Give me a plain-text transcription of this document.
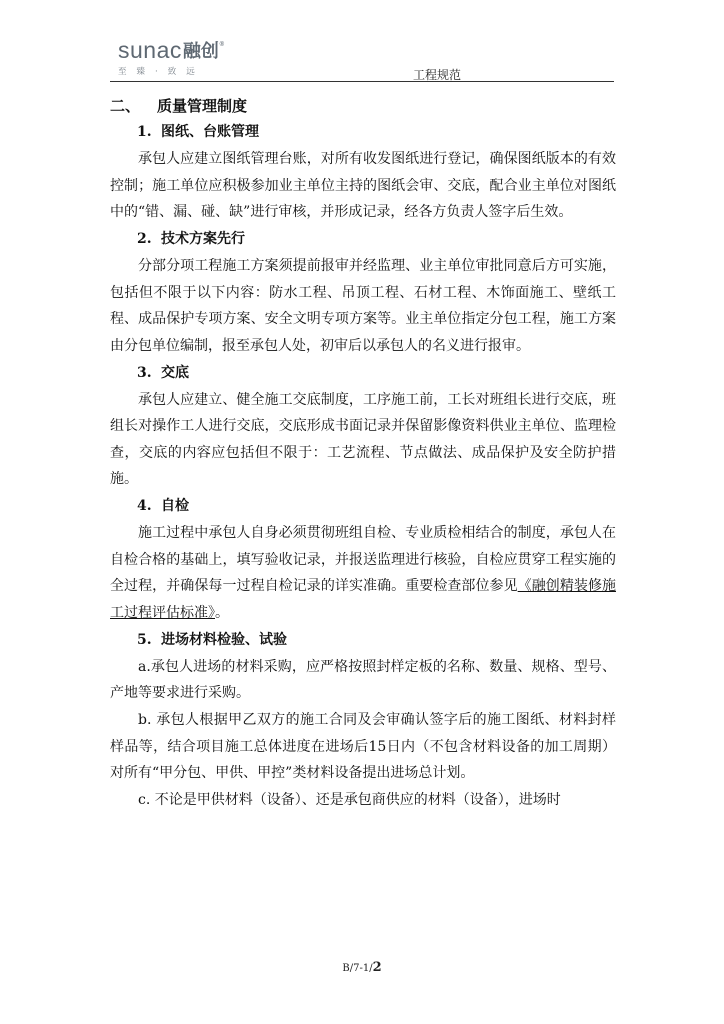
sunac融创®
至臻·致远	工程规范
二、 质量管理制度
1. 图纸、台账管理
承包人应建立图纸管理台账，对所有收发图纸进行登记，确保图纸版本的有效控制；施工单位应积极参加业主单位主持的图纸会审、交底，配合业主单位对图纸中的“错、漏、碰、缺”进行审核，并形成记录，经各方负责人签字后生效。
2. 技术方案先行
分部分项工程施工方案须提前报审并经监理、业主单位审批同意后方可实施，包括但不限于以下内容：防水工程、吊顶工程、石材工程、木饰面施工、壁纸工程、成品保护专项方案、安全文明专项方案等。业主单位指定分包工程，施工方案由分包单位编制，报至承包人处，初审后以承包人的名义进行报审。
3. 交底
承包人应建立、健全施工交底制度，工序施工前，工长对班组长进行交底，班组长对操作工人进行交底，交底形成书面记录并保留影像资料供业主单位、监理检查，交底的内容应包括但不限于：工艺流程、节点做法、成品保护及安全防护措施。
4. 自检
施工过程中承包人自身必须贯彻班组自检、专业质检相结合的制度，承包人在自检合格的基础上，填写验收记录，并报送监理进行核验，自检应贯穿工程实施的全过程，并确保每一过程自检记录的详实准确。重要检查部位参见《融创精装修施工过程评估标准》。
5. 进场材料检验、试验
a.承包人进场的材料采购，应严格按照封样定板的名称、数量、规格、型号、产地等要求进行采购。
b. 承包人根据甲乙双方的施工合同及会审确认签字后的施工图纸、材料封样样品等，结合项目施工总体进度在进场后15日内（不包含材料设备的加工周期）对所有“甲分包、甲供、甲控”类材料设备提出进场总计划。
c. 不论是甲供材料（设备）、还是承包商供应的材料（设备），进场时
B/7-1/2
